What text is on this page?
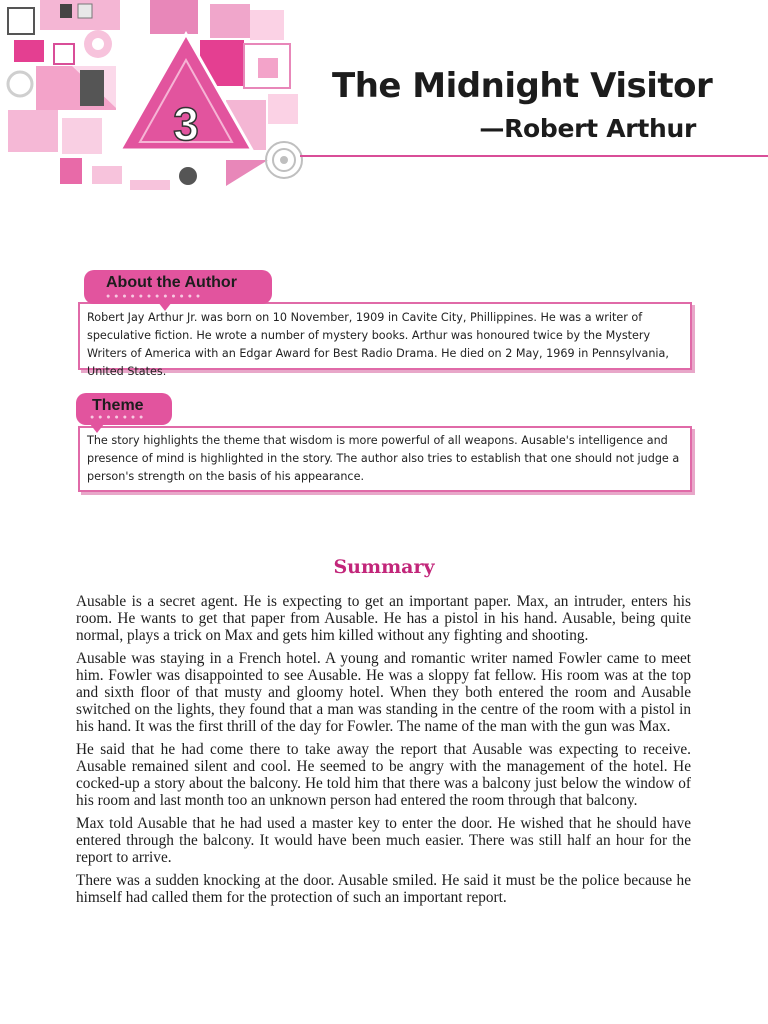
3
The Midnight Visitor
—Robert Arthur
Robert Jay Arthur Jr. was born on 10 November, 1909 in Cavite City, Phillippines. He was a writer of speculative fiction. He wrote a number of mystery books. Arthur was honoured twice by the Mystery Writers of America with an Edgar Award for Best Radio Drama. He died on 2 May, 1969 in Pennsylvania, United States.
About the Author
● ● ● ● ● ● ● ● ● ● ● ●
The story highlights the theme that wisdom is more powerful of all weapons. Ausable's intelligence and presence of mind is highlighted in the story. The author also tries to establish that one should not judge a person's strength on the basis of his appearance.
Theme
● ● ● ● ● ● ●
Summary

Ausable is a secret agent. He is expecting to get an important paper. Max, an intruder, enters his room. He wants to get that paper from Ausable. He has a pistol in his hand. Ausable, being quite normal, plays a trick on Max and gets him killed without any fighting and shooting.

Ausable was staying in a French hotel. A young and romantic writer named Fowler came to meet him. Fowler was disappointed to see Ausable. He was a sloppy fat fellow. His room was at the top and sixth floor of that musty and gloomy hotel. When they both entered the room and Ausable switched on the lights, they found that a man was standing in the centre of the room with a pistol in his hand. It was the first thrill of the day for Fowler. The name of the man with the gun was Max.

He said that he had come there to take away the report that Ausable was expecting to receive. Ausable remained silent and cool. He seemed to be angry with the management of the hotel. He cocked-up a story about the balcony. He told him that there was a balcony just below the window of his room and last month too an unknown person had entered the room through that balcony.

Max told Ausable that he had used a master key to enter the door. He wished that he should have entered through the balcony. It would have been much easier. There was still half an hour for the report to arrive.

There was a sudden knocking at the door. Ausable smiled. He said it must be the police because he himself had called them for the protection of such an important report.
